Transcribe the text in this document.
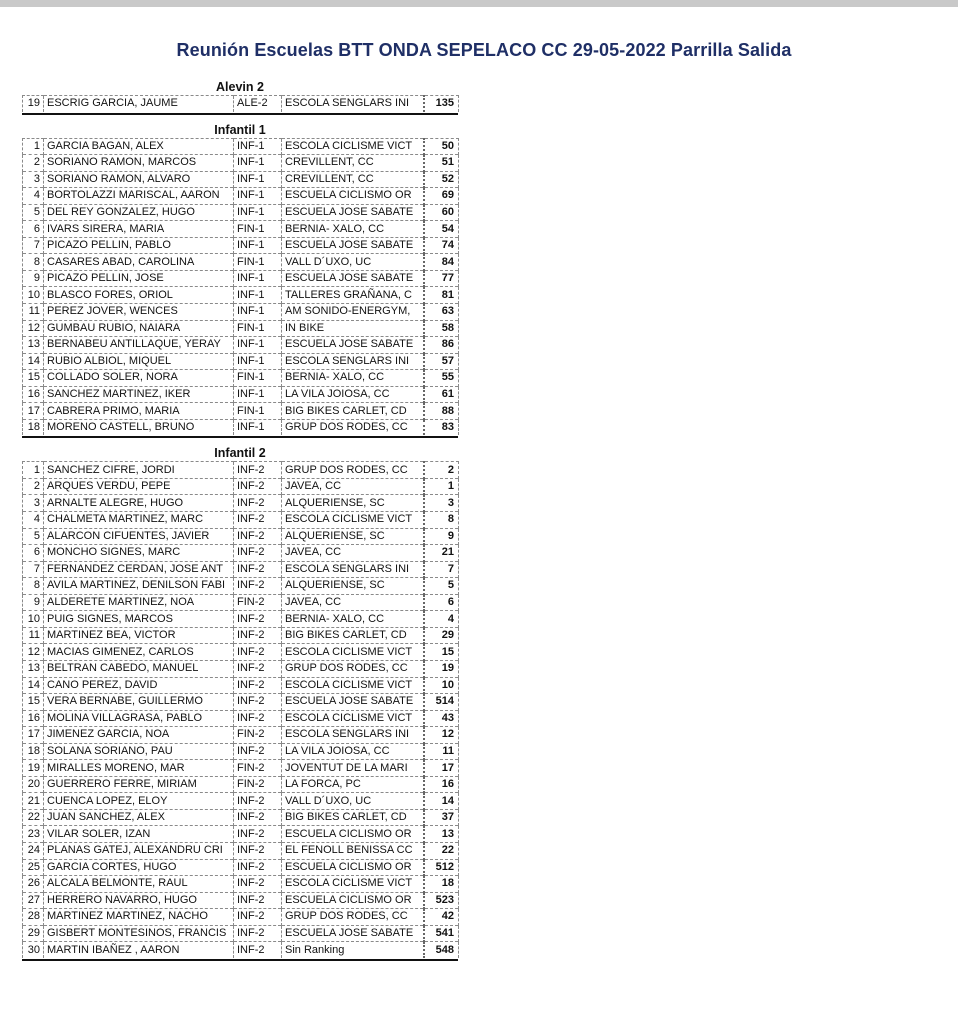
Reunión Escuelas BTT ONDA SEPELACO CC 29-05-2022 Parrilla Salida
Alevin 2
19	ESCRIG GARCIA, JAUME	ALE-2	ESCOLA SENGLARS INI	135
Infantil 1
1	GARCIA BAGAN, ALEX	INF-1	ESCOLA CICLISME VICT	50
2	SORIANO RAMON, MARCOS	INF-1	CREVILLENT, CC	51
3	SORIANO RAMON, ALVARO	INF-1	CREVILLENT, CC	52
4	BORTOLAZZI MARISCAL, AARON	INF-1	ESCUELA CICLISMO OR	69
5	DEL REY GONZALEZ, HUGO	INF-1	ESCUELA JOSE SABATE	60
6	IVARS SIRERA, MARIA	FIN-1	BERNIA- XALO, CC	54
7	PICAZO PELLIN, PABLO	INF-1	ESCUELA JOSE SABATE	74
8	CASARES ABAD, CAROLINA	FIN-1	VALL D´UXO, UC	84
9	PICAZO PELLIN, JOSE	INF-1	ESCUELA JOSE SABATE	77
10	BLASCO FORES, ORIOL	INF-1	TALLERES GRAÑANA, C	81
11	PEREZ JOVER, WENCES	INF-1	AM SONIDO-ENERGYM,	63
12	GUMBAU RUBIO, NAIARA	FIN-1	IN BIKE	58
13	BERNABEU ANTILLAQUE, YERAY	INF-1	ESCUELA JOSE SABATE	86
14	RUBIO ALBIOL, MIQUEL	INF-1	ESCOLA SENGLARS INI	57
15	COLLADO SOLER, NORA	FIN-1	BERNIA- XALO, CC	55
16	SANCHEZ MARTINEZ, IKER	INF-1	LA VILA JOIOSA, CC	61
17	CABRERA PRIMO, MARIA	FIN-1	BIG BIKES CARLET, CD	88
18	MORENO CASTELL, BRUNO	INF-1	GRUP DOS RODES, CC	83
Infantil 2
1	SANCHEZ CIFRE, JORDI	INF-2	GRUP DOS RODES, CC	2
2	ARQUES VERDU, PEPE	INF-2	JAVEA, CC	1
3	ARNALTE ALEGRE, HUGO	INF-2	ALQUERIENSE, SC	3
4	CHALMETA MARTINEZ, MARC	INF-2	ESCOLA CICLISME VICT	8
5	ALARCON CIFUENTES, JAVIER	INF-2	ALQUERIENSE, SC	9
6	MONCHO SIGNES, MARC	INF-2	JAVEA, CC	21
7	FERNANDEZ CERDAN, JOSE ANT	INF-2	ESCOLA SENGLARS INI	7
8	AVILA MARTINEZ, DENILSON FABI	INF-2	ALQUERIENSE, SC	5
9	ALDERETE MARTINEZ, NOA	FIN-2	JAVEA, CC	6
10	PUIG SIGNES, MARCOS	INF-2	BERNIA- XALO, CC	4
11	MARTINEZ BEA, VICTOR	INF-2	BIG BIKES CARLET, CD	29
12	MACIAS GIMENEZ, CARLOS	INF-2	ESCOLA CICLISME VICT	15
13	BELTRAN CABEDO, MANUEL	INF-2	GRUP DOS RODES, CC	19
14	CANO PEREZ, DAVID	INF-2	ESCOLA CICLISME VICT	10
15	VERA BERNABE, GUILLERMO	INF-2	ESCUELA JOSE SABATE	514
16	MOLINA VILLAGRASA, PABLO	INF-2	ESCOLA CICLISME VICT	43
17	JIMENEZ GARCIA, NOA	FIN-2	ESCOLA SENGLARS INI	12
18	SOLANA SORIANO, PAU	INF-2	LA VILA JOIOSA, CC	11
19	MIRALLES MORENO, MAR	FIN-2	JOVENTUT DE LA MARI	17
20	GUERRERO FERRE, MIRIAM	FIN-2	LA FORCA, PC	16
21	CUENCA LOPEZ, ELOY	INF-2	VALL D´UXO, UC	14
22	JUAN SANCHEZ, ALEX	INF-2	BIG BIKES CARLET, CD	37
23	VILAR SOLER, IZAN	INF-2	ESCUELA CICLISMO OR	13
24	PLANAS GATEJ, ALEXANDRU CRI	INF-2	EL FENOLL BENISSA CC	22
25	GARCIA CORTES, HUGO	INF-2	ESCUELA CICLISMO OR	512
26	ALCALA BELMONTE, RAUL	INF-2	ESCOLA CICLISME VICT	18
27	HERRERO NAVARRO, HUGO	INF-2	ESCUELA CICLISMO OR	523
28	MARTINEZ MARTINEZ, NACHO	INF-2	GRUP DOS RODES, CC	42
29	GISBERT MONTESINOS, FRANCIS	INF-2	ESCUELA JOSE SABATE	541
30	MARTIN IBAÑEZ , AARON	INF-2	Sin Ranking	548
